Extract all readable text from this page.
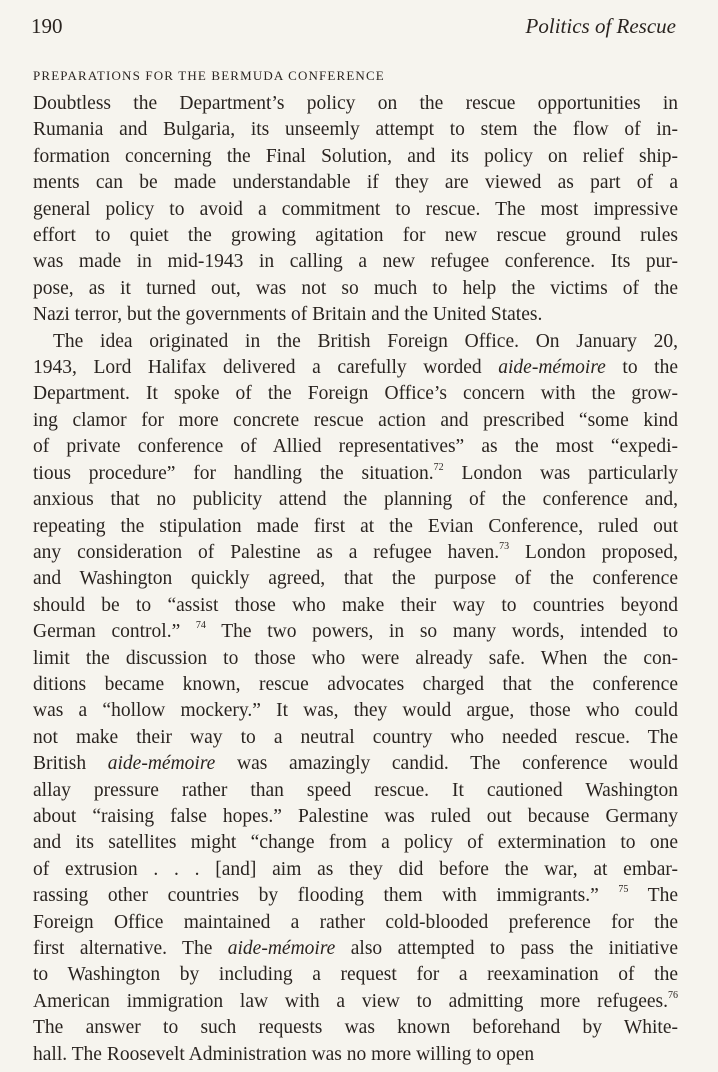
190	Politics of Rescue
PREPARATIONS FOR THE BERMUDA CONFERENCE
Doubtless the Department’s policy on the rescue opportunities in
Rumania and Bulgaria, its unseemly attempt to stem the flow of in-
formation concerning the Final Solution, and its policy on relief ship-
ments can be made understandable if they are viewed as part of a
general policy to avoid a commitment to rescue. The most impressive
effort to quiet the growing agitation for new rescue ground rules
was made in mid-1943 in calling a new refugee conference. Its pur-
pose, as it turned out, was not so much to help the victims of the
Nazi terror, but the governments of Britain and the United States.
The idea originated in the British Foreign Office. On January 20,
1943, Lord Halifax delivered a carefully worded aide-mémoire to the
Department. It spoke of the Foreign Office’s concern with the grow-
ing clamor for more concrete rescue action and prescribed “some kind
of private conference of Allied representatives” as the most “expedi-
tious procedure” for handling the situation.$^{72}$ London was particularly
anxious that no publicity attend the planning of the conference and,
repeating the stipulation made first at the Evian Conference, ruled out
any consideration of Palestine as a refugee haven.$^{73}$ London proposed,
and Washington quickly agreed, that the purpose of the conference
should be to “assist those who make their way to countries beyond
German control.” $^{74}$ The two powers, in so many words, intended to
limit the discussion to those who were already safe. When the con-
ditions became known, rescue advocates charged that the conference
was a “hollow mockery.” It was, they would argue, those who could
not make their way to a neutral country who needed rescue. The
British aide-mémoire was amazingly candid. The conference would
allay pressure rather than speed rescue. It cautioned Washington
about “raising false hopes.” Palestine was ruled out because Germany
and its satellites might “change from a policy of extermination to one
of extrusion . . . [and] aim as they did before the war, at embar-
rassing other countries by flooding them with immigrants.” $^{75}$ The
Foreign Office maintained a rather cold-blooded preference for the
first alternative. The aide-mémoire also attempted to pass the initiative
to Washington by including a request for a reexamination of the
American immigration law with a view to admitting more refugees.$^{76}$
The answer to such requests was known beforehand by White-
hall. The Roosevelt Administration was no more willing to open
